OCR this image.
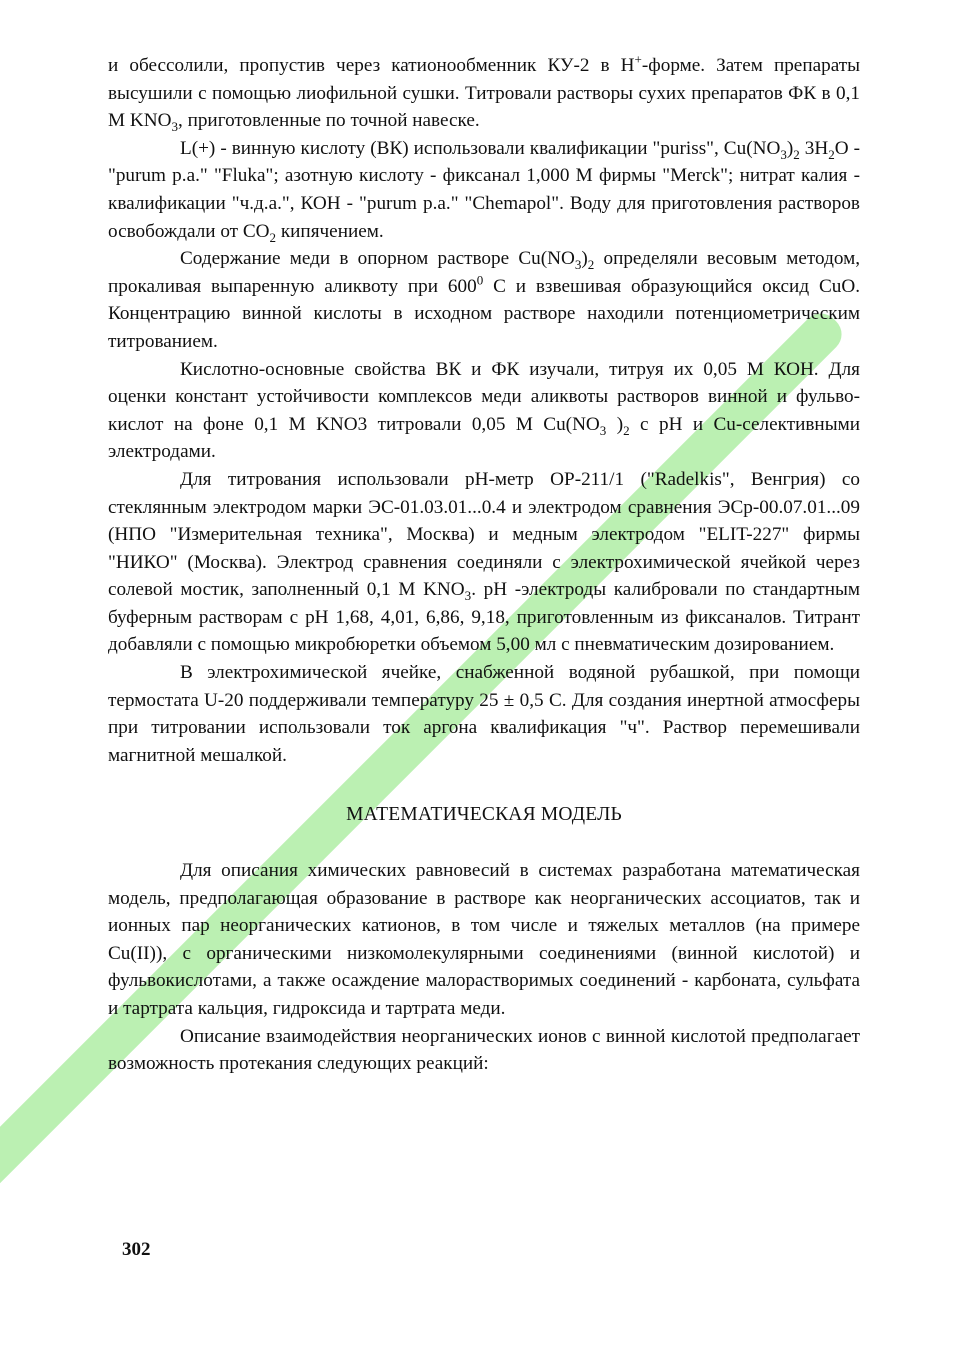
и обессолили, пропустив через катионообменник КУ-2 в H+-форме. Затем препараты высушили с помощью лиофильной сушки. Титровали растворы сухих препаратов ФК в 0,1 М $KNO_3$, приготовленные по точной навеске.

L(+) - винную кислоту (ВК) использовали квалификации "puriss", $Cu(NO_3)_2$ $3H_2O$ - "purum p.a." "Fluka"; азотную кислоту - фиксанал 1,000 М фирмы "Merck"; нитрат калия - квалификации "ч.д.а.", КОН - "purum p.a." "Chemapol". Воду для приготовления растворов освобождали от $CO_2$ кипячением.

Содержание меди в опорном растворе $Cu(NO_3)_2$ определяли весовым методом, прокаливая выпаренную аликвоту при $600^0$ С и взвешивая образующийся оксид CuO. Концентрацию винной кислоты в исходном растворе находили потенциометрическим титрованием.

Кислотно-основные свойства ВК и ФК изучали, титруя их 0,05 М КОН. Для оценки констант устойчивости комплексов меди аликвоты растворов винной и фульво- кислот на фоне 0,1 М KNO3 титровали 0,05 М $Cu(NO_3$ )$_2$ с pH и Cu-селективными электродами.

Для титрования использовали pH-метр OP-211/1 ("Radelkis", Венгрия) со стеклянным электродом марки ЭС-01.03.01...0.4 и электродом сравнения ЭСр-00.07.01...09 (НПО "Измерительная техника", Москва) и медным электродом "ELIT-227" фирмы "НИКО" (Москва). Электрод сравнения соединяли с электрохимической ячейкой через солевой мостик, заполненный 0,1 М $KNO_3$. pH -электроды калибровали по стандартным буферным растворам с pH 1,68, 4,01, 6,86, 9,18, приготовленным из фиксаналов. Титрант добавляли с помощью микробюретки объемом 5,00 мл с пневматическим дозированием.

В электрохимической ячейке, снабженной водяной рубашкой, при помощи термостата U-20 поддерживали температуру 25 ± 0,5 С. Для создания инертной атмосферы при титровании использовали ток аргона квалификация "ч". Раствор перемешивали магнитной мешалкой.

МАТЕМАТИЧЕСКАЯ МОДЕЛЬ

Для описания химических равновесий в системах разработана математическая модель, предполагающая образование в растворе как неорганических ассоциатов, так и ионных пар неорганических катионов, в том числе и тяжелых металлов (на примере Cu(II)), с органическими низкомолекулярными соединениями (винной кислотой) и фульвокислотами, а также осаждение малорастворимых соединений - карбоната, сульфата и тартрата кальция, гидроксида и тартрата меди.

Описание взаимодействия неорганических ионов с винной кислотой предполагает возможность протекания следующих реакций:

302
